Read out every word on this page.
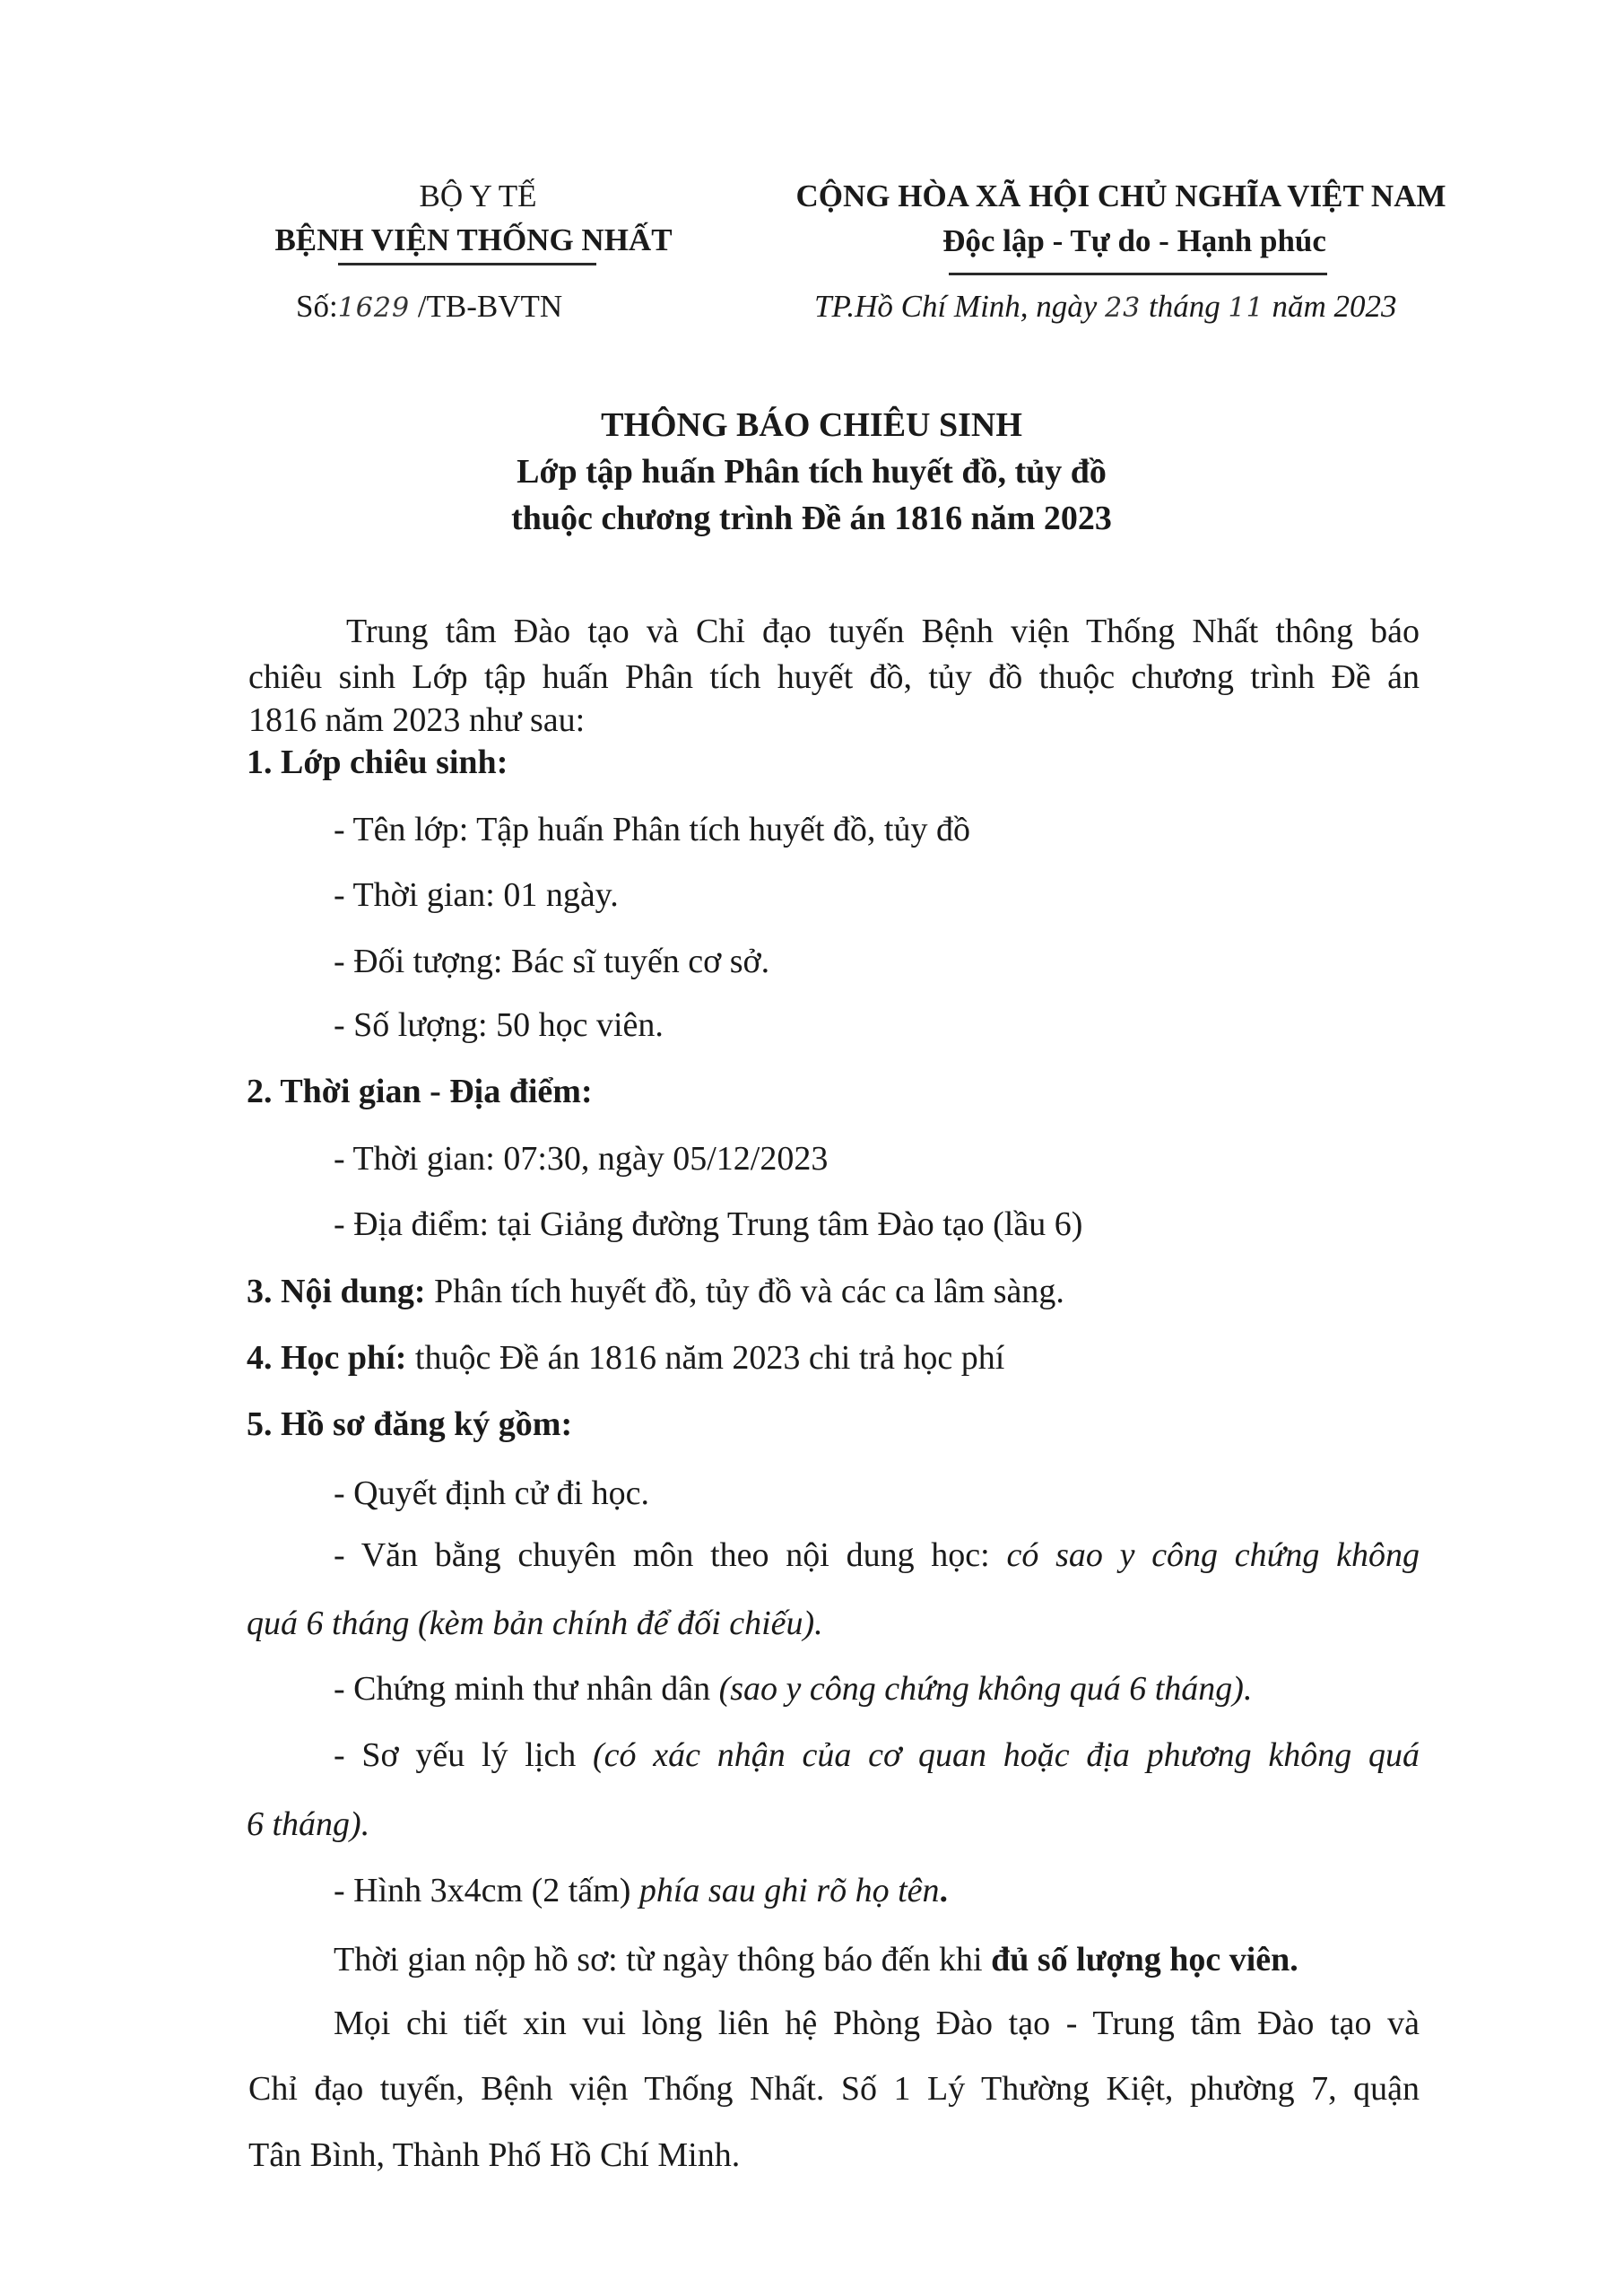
BỘ Y TẾ
BỆNH VIỆN THỐNG NHẤT
Số:1629 /TB-BVTN
CỘNG HÒA XÃ HỘI CHỦ NGHĨA VIỆT NAM
Độc lập - Tự do - Hạnh phúc
TP.Hồ Chí Minh, ngày 23 tháng 11 năm 2023
THÔNG BÁO CHIÊU SINH
Lớp tập huấn Phân tích huyết đồ, tủy đồ
thuộc chương trình Đề án 1816 năm 2023
Trung tâm Đào tạo và Chỉ đạo tuyến Bệnh viện Thống Nhất thông báo
chiêu sinh Lớp tập huấn Phân tích huyết đồ, tủy đồ thuộc chương trình Đề án
1816 năm 2023 như sau:
1. Lớp chiêu sinh:
- Tên lớp: Tập huấn Phân tích huyết đồ, tủy đồ
- Thời gian: 01 ngày.
- Đối tượng: Bác sĩ tuyến cơ sở.
- Số lượng: 50 học viên.
2. Thời gian - Địa điểm:
- Thời gian: 07:30, ngày 05/12/2023
- Địa điểm: tại Giảng đường Trung tâm Đào tạo (lầu 6)
3. Nội dung: Phân tích huyết đồ, tủy đồ và các ca lâm sàng.
4. Học phí: thuộc Đề án 1816 năm 2023 chi trả học phí
5. Hồ sơ đăng ký gồm:
- Quyết định cử đi học.
- Văn bằng chuyên môn theo nội dung học: có sao y công chứng không
quá 6 tháng (kèm bản chính để đối chiếu).
- Chứng minh thư nhân dân (sao y công chứng không quá 6 tháng).
- Sơ yếu lý lịch (có xác nhận của cơ quan hoặc địa phương không quá
6 tháng).
- Hình 3x4cm (2 tấm) phía sau ghi rõ họ tên.
Thời gian nộp hồ sơ: từ ngày thông báo đến khi đủ số lượng học viên.
Mọi chi tiết xin vui lòng liên hệ Phòng Đào tạo - Trung tâm Đào tạo và
Chỉ đạo tuyến, Bệnh viện Thống Nhất. Số 1 Lý Thường Kiệt, phường 7, quận
Tân Bình, Thành Phố Hồ Chí Minh.
